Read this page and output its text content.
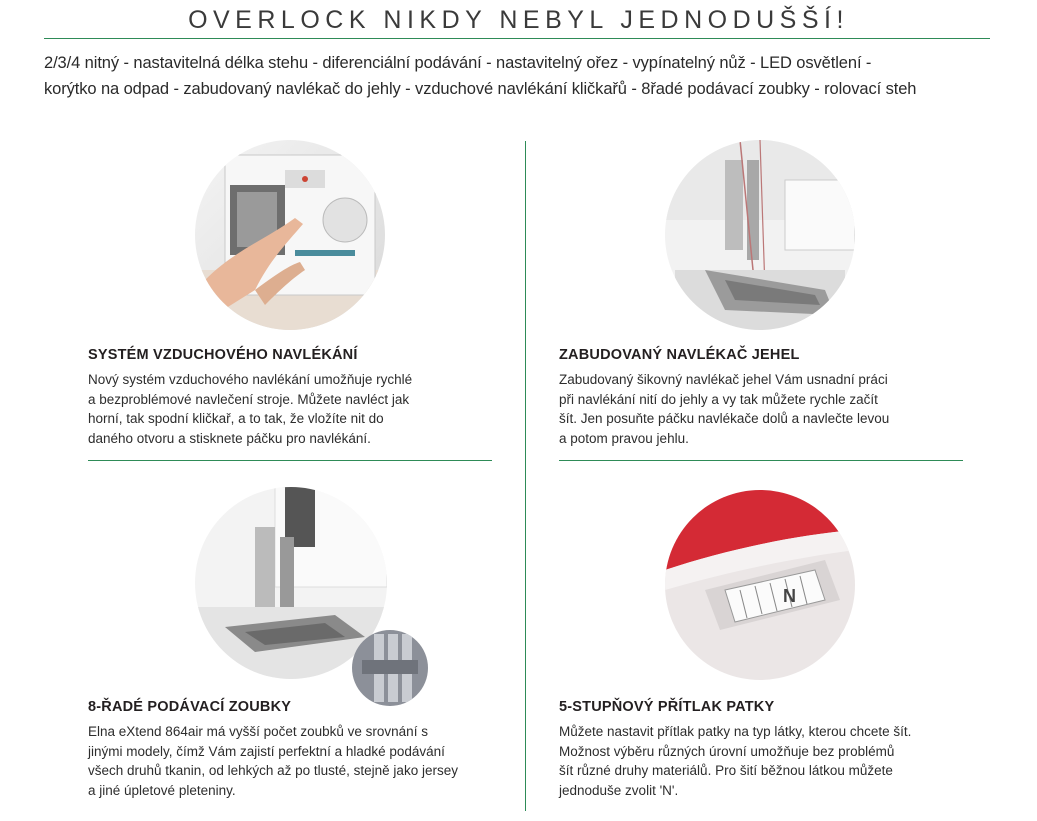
OVERLOCK NIKDY NEBYL JEDNODUŠŠÍ!
2/3/4 nitný - nastavitelná délka stehu - diferenciální podávání - nastavitelný ořez - vypínatelný nůž - LED osvětlení -
korýtko na odpad - zabudovaný navlékač do jehly - vzduchové navlékání kličkařů - 8řadé podávací zoubky - rolovací steh
N
SYSTÉM VZDUCHOVÉHO NAVLÉKÁNÍ
Nový systém vzduchového navlékání umožňuje rychlé
a bezproblémové navlečení stroje. Můžete navléct jak
horní, tak spodní kličkař, a to tak, že vložíte nit do
daného otvoru a stisknete páčku pro navlékání.
ZABUDOVANÝ NAVLÉKAČ JEHEL
Zabudovaný šikovný navlékač jehel Vám usnadní práci
při navlékání nití do jehly a vy tak můžete rychle začít
šít. Jen posuňte páčku navlékače dolů a navlečte levou
a potom pravou jehlu.
8-ŘADÉ PODÁVACÍ ZOUBKY
Elna eXtend 864air má vyšší počet zoubků ve srovnání s
jinými modely, čímž Vám zajistí perfektní a hladké podávání
všech druhů tkanin, od lehkých až po tlusté, stejně jako jersey
a jiné úpletové pleteniny.
5-STUPŇOVÝ PŘÍTLAK PATKY
Můžete nastavit přítlak patky na typ látky, kterou chcete šít.
Možnost výběru různých úrovní umožňuje bez problémů
šít různé druhy materiálů. Pro šití běžnou látkou můžete
jednoduše zvolit 'N'.
